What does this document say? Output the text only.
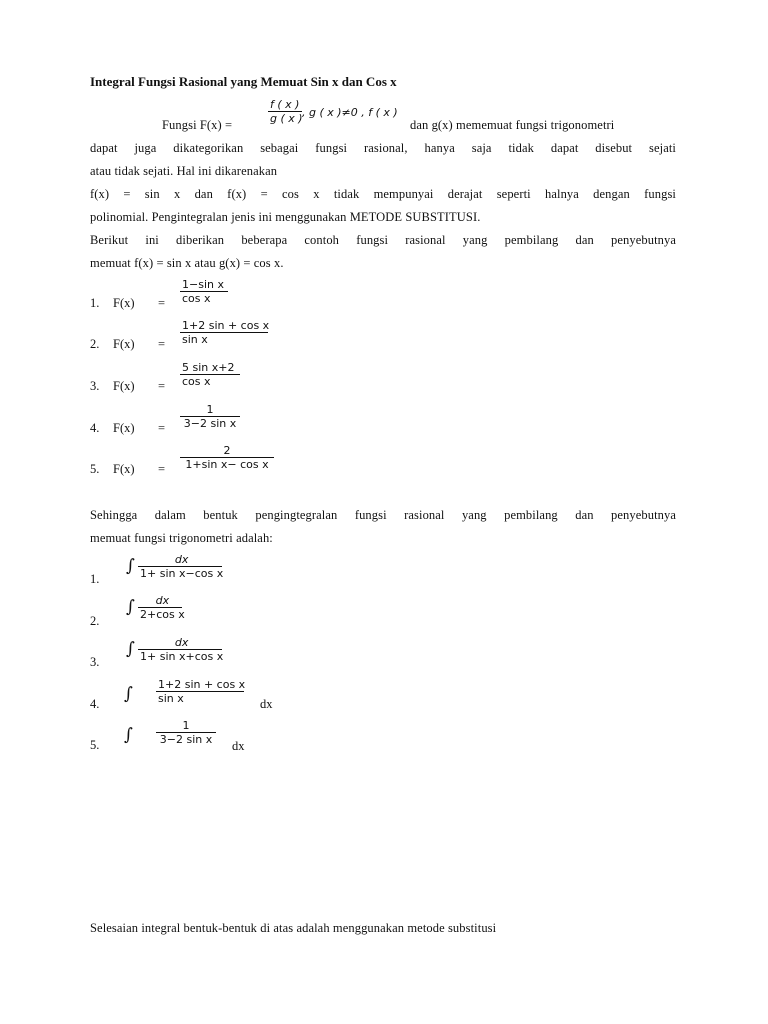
Integral Fungsi Rasional yang Memuat Sin x dan Cos x
Fungsi F(x) =
f ( x )
g ( x ) , g ( x )≠0 , f ( x )
dan g(x) mememuat fungsi trigonometri
dapat juga dikategorikan sebagai fungsi rasional, hanya saja tidak dapat disebut sejati
atau tidak sejati. Hal ini dikarenakan
f(x) = sin x dan f(x) = cos x tidak mempunyai derajat seperti halnya dengan fungsi
polinomial. Pengintegralan jenis ini menggunakan METODE SUBSTITUSI.
Berikut ini diberikan beberapa contoh fungsi rasional yang pembilang dan penyebutnya
memuat f(x) = sin x atau g(x) = cos x.
1. F(x) =
1−sin x
cos x
2. F(x) =
1+2 sin + cos x
sin x
3. F(x) =
5 sin x+2
cos x
4. F(x) =
1
3−2 sin x
5. F(x) =
2
1+sin x− cos x
Sehingga dalam bentuk pengingtegralan fungsi rasional yang pembilang dan penyebutnya
memuat fungsi trigonometri adalah:
1.
∫	dx
1+ sin x−cos x
2.
∫ dx
2+cos x
3.
∫	dx
1+ sin x+cos x
4. ∫ 1+2 sin + cos x
sin x	dx
5. ∫	1
3−2 sin x dx
Selesaian integral bentuk-bentuk di atas adalah menggunakan metode substitusi
